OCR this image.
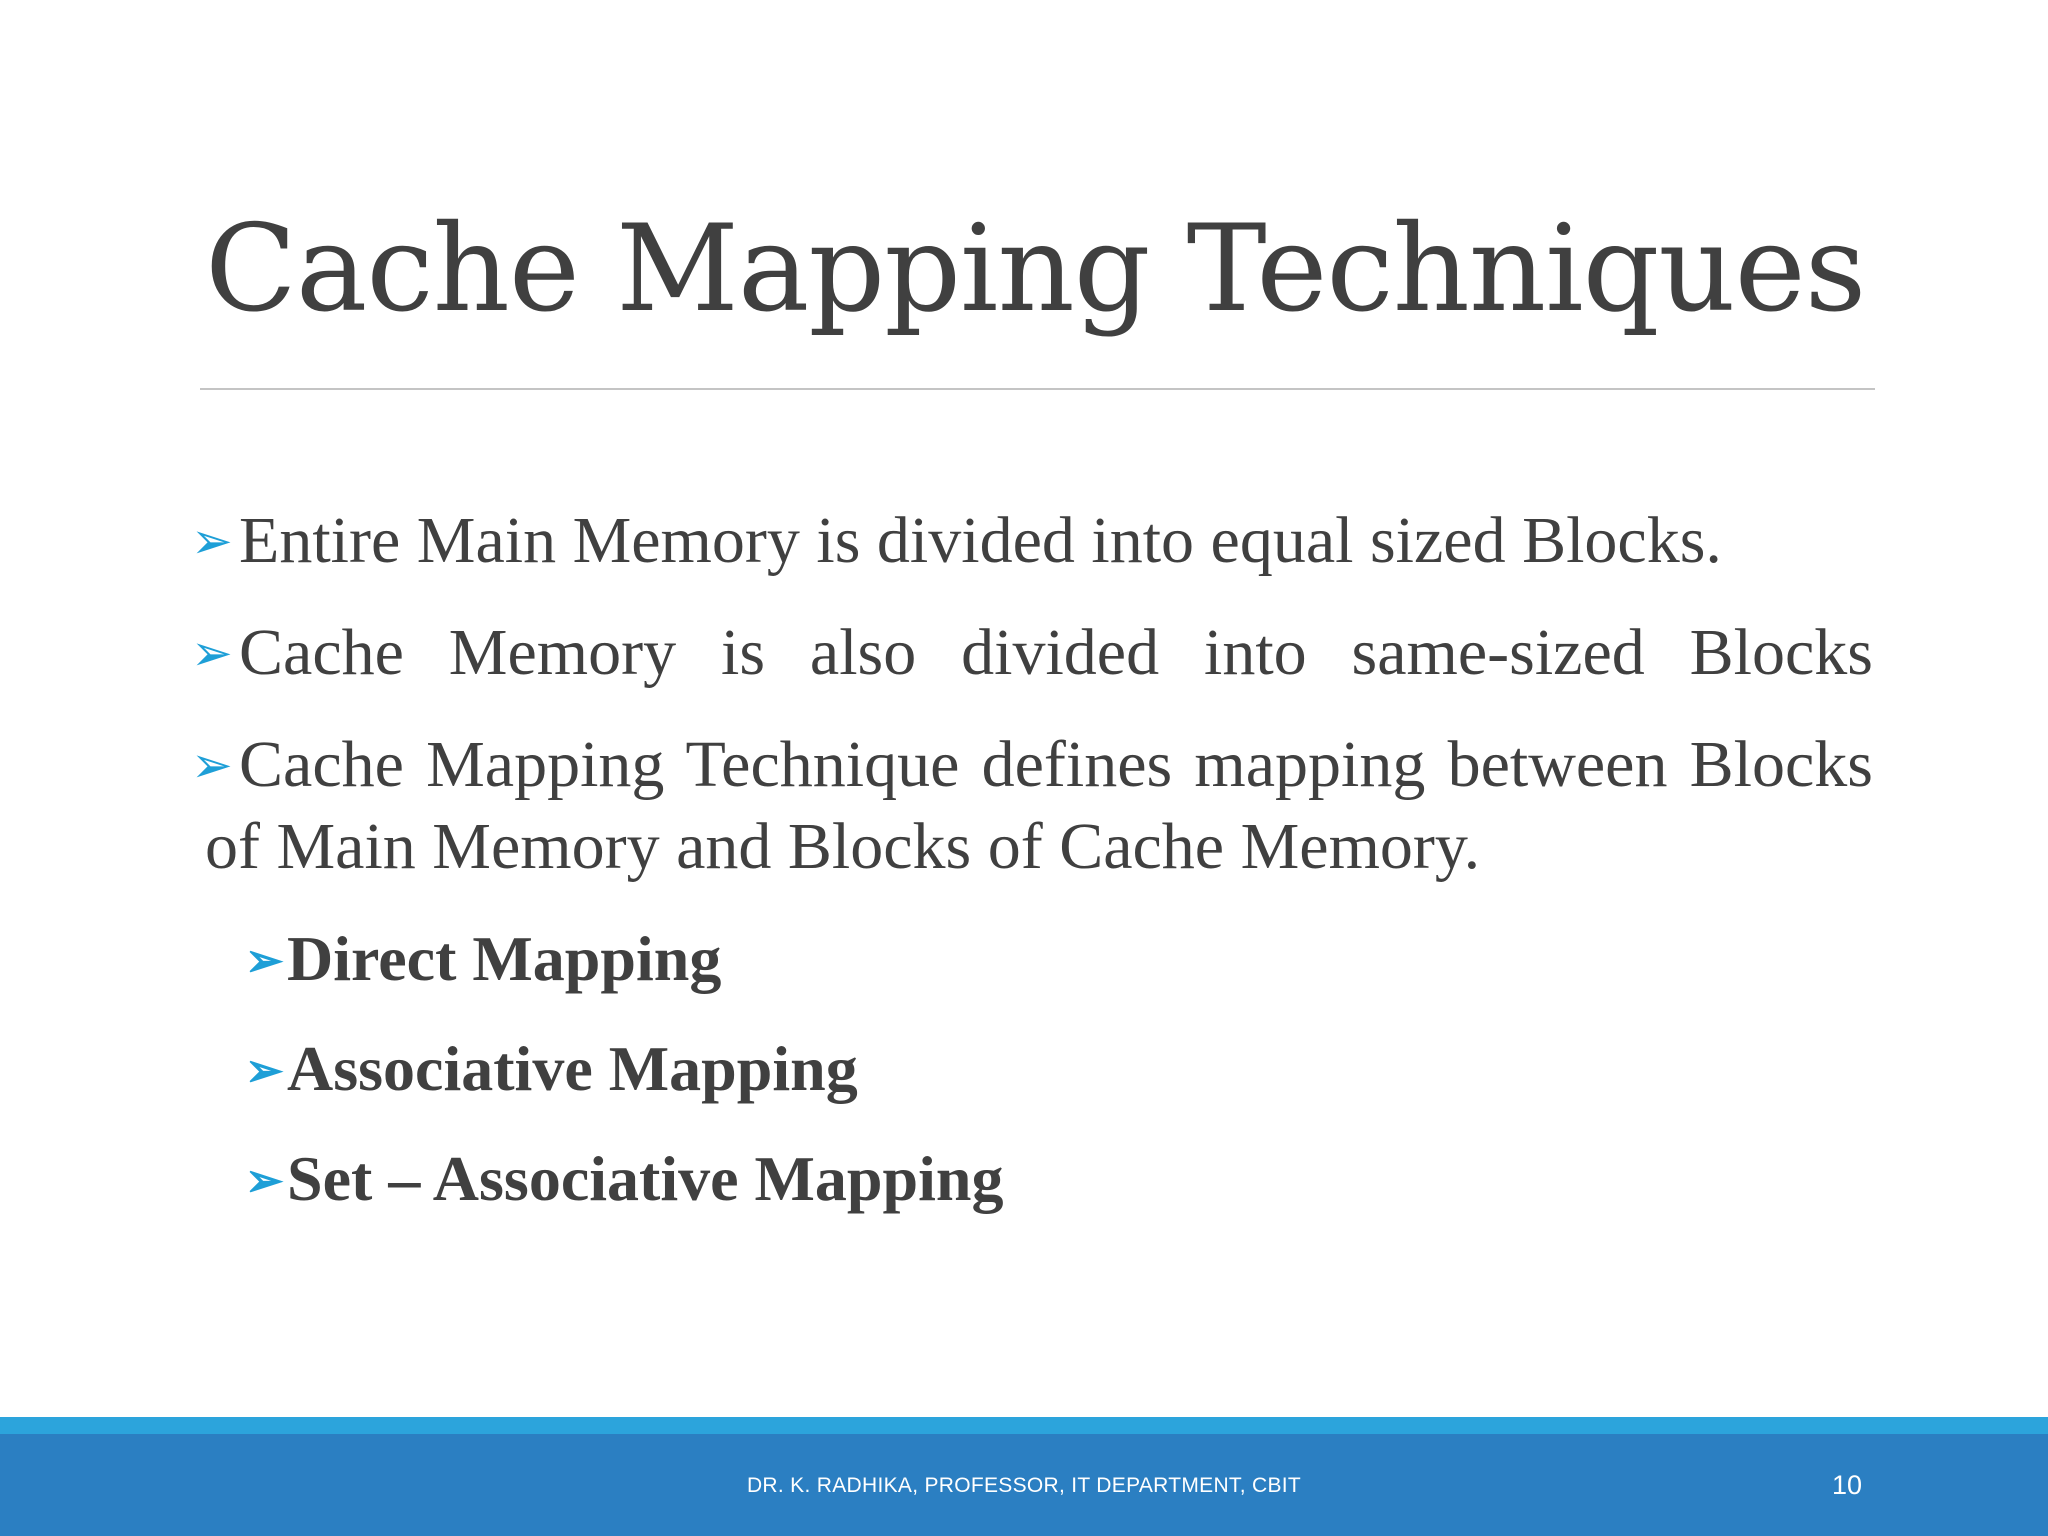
Cache Mapping Techniques

➢Entire Main Memory is divided into equal sized Blocks.

➢Cache Memory is also divided into same-sized Blocks

➢Cache Mapping Technique defines mapping between Blocks of Main Memory and Blocks of Cache Memory.

➢Direct Mapping
➢Associative Mapping
➢Set – Associative Mapping
DR. K. RADHIKA, PROFESSOR, IT DEPARTMENT, CBIT	10
